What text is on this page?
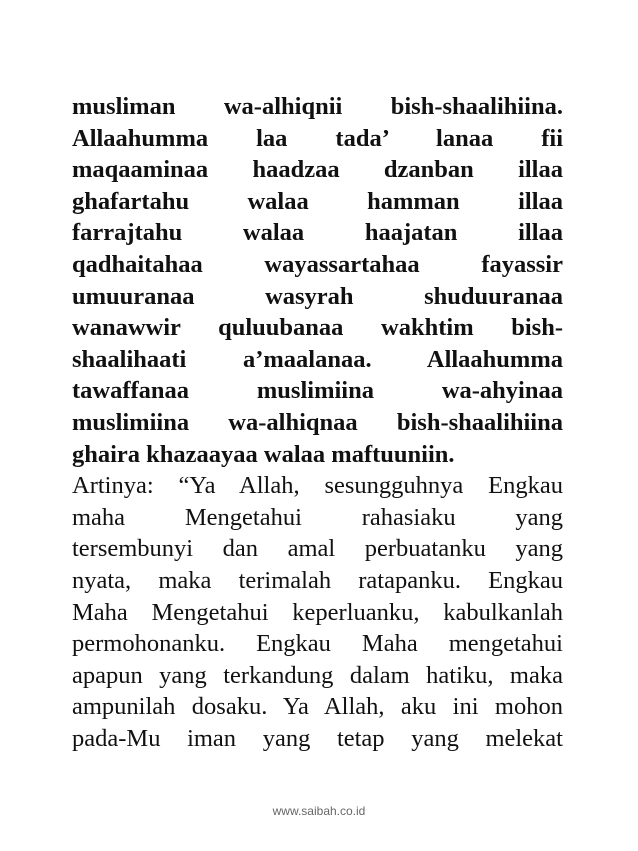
musliman wa-alhiqnii bish-shaalihiina.
Allaahumma laa tada’ lanaa fii
maqaaminaa haadzaa dzanban illaa
ghafartahu walaa hamman illaa
farrajtahu walaa haajatan illaa
qadhaitahaa wayassartahaa fayassir
umuuranaa wasyrah shuduuranaa
wanawwir quluubanaa wakhtim bish-
shaalihaati a’maalanaa. Allaahumma
tawaffanaa muslimiina wa-ahyinaa
muslimiina wa-alhiqnaa bish-shaalihiina
ghaira khazaayaa walaa maftuuniin.
Artinya: “Ya Allah, sesungguhnya Engkau
maha Mengetahui rahasiaku yang
tersembunyi dan amal perbuatanku yang
nyata, maka terimalah ratapanku. Engkau
Maha Mengetahui keperluanku, kabulkanlah
permohonanku. Engkau Maha mengetahui
apapun yang terkandung dalam hatiku, maka
ampunilah dosaku. Ya Allah, aku ini mohon
pada-Mu iman yang tetap yang melekat
www.saibah.co.id
